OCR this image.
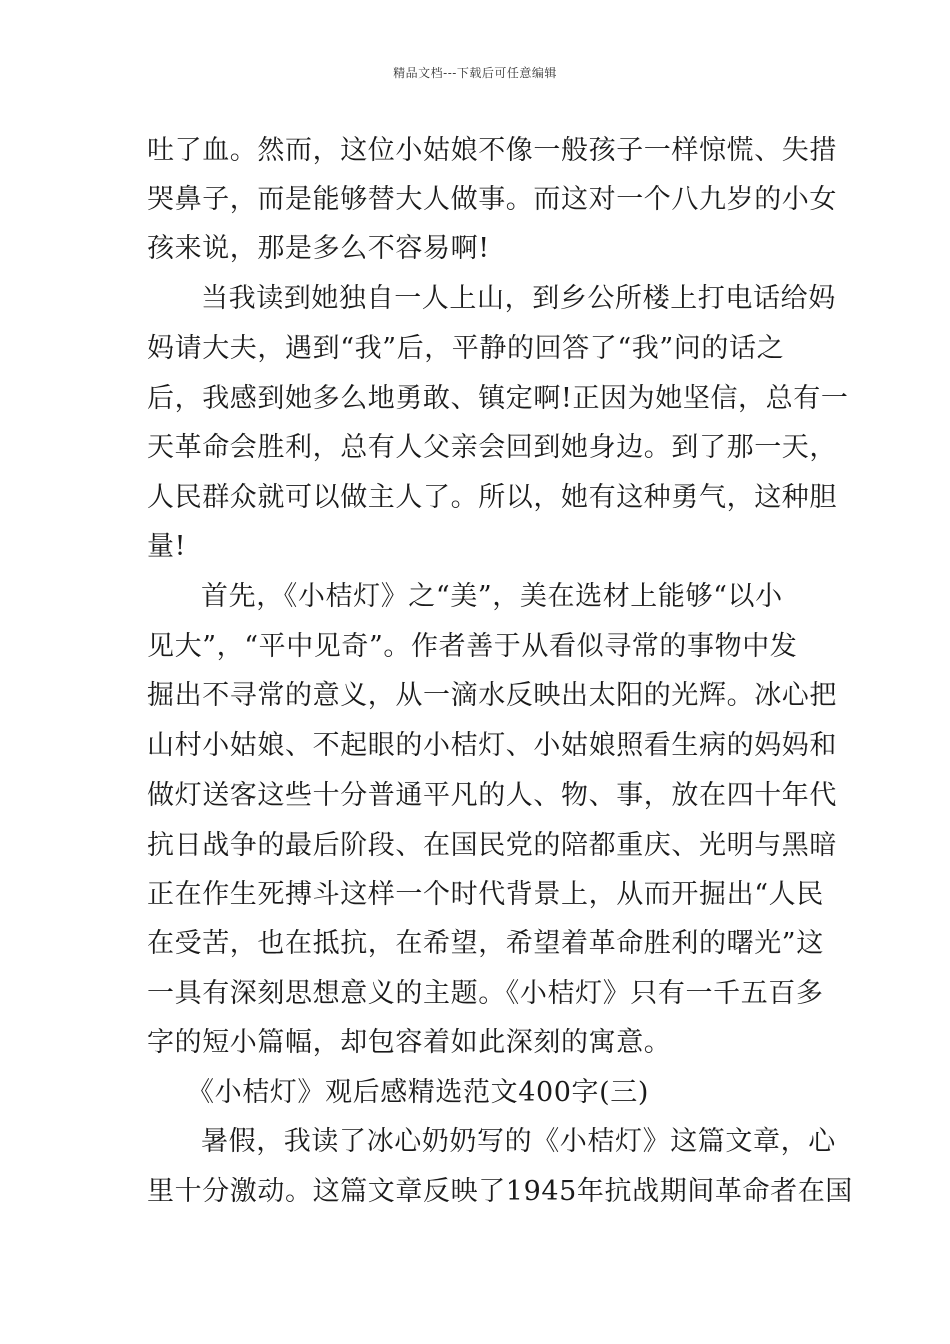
精品文档---下载后可任意编辑
吐了血。然而，这位小姑娘不像一般孩子一样惊慌、失措
哭鼻子，而是能够替大人做事。而这对一个八九岁的小女
孩来说，那是多么不容易啊!
当我读到她独自一人上山，到乡公所楼上打电话给妈
妈请大夫，遇到“我”后，平静的回答了“我”问的话之
后，我感到她多么地勇敢、镇定啊!正因为她坚信，总有一
天革命会胜利，总有人父亲会回到她身边。到了那一天，
人民群众就可以做主人了。所以，她有这种勇气，这种胆
量!
首先，《小桔灯》之“美”，美在选材上能够“以小
见大”，“平中见奇”。作者善于从看似寻常的事物中发
掘出不寻常的意义，从一滴水反映出太阳的光辉。冰心把
山村小姑娘、不起眼的小桔灯、小姑娘照看生病的妈妈和
做灯送客这些十分普通平凡的人、物、事，放在四十年代
抗日战争的最后阶段、在国民党的陪都重庆、光明与黑暗
正在作生死搏斗这样一个时代背景上，从而开掘出“人民
在受苦，也在抵抗，在希望，希望着革命胜利的曙光”这
一具有深刻思想意义的主题。《小桔灯》只有一千五百多
字的短小篇幅，却包容着如此深刻的寓意。
《小桔灯》观后感精选范文400字(三)
暑假，我读了冰心奶奶写的《小桔灯》这篇文章，心
里十分激动。这篇文章反映了1945年抗战期间革命者在国
